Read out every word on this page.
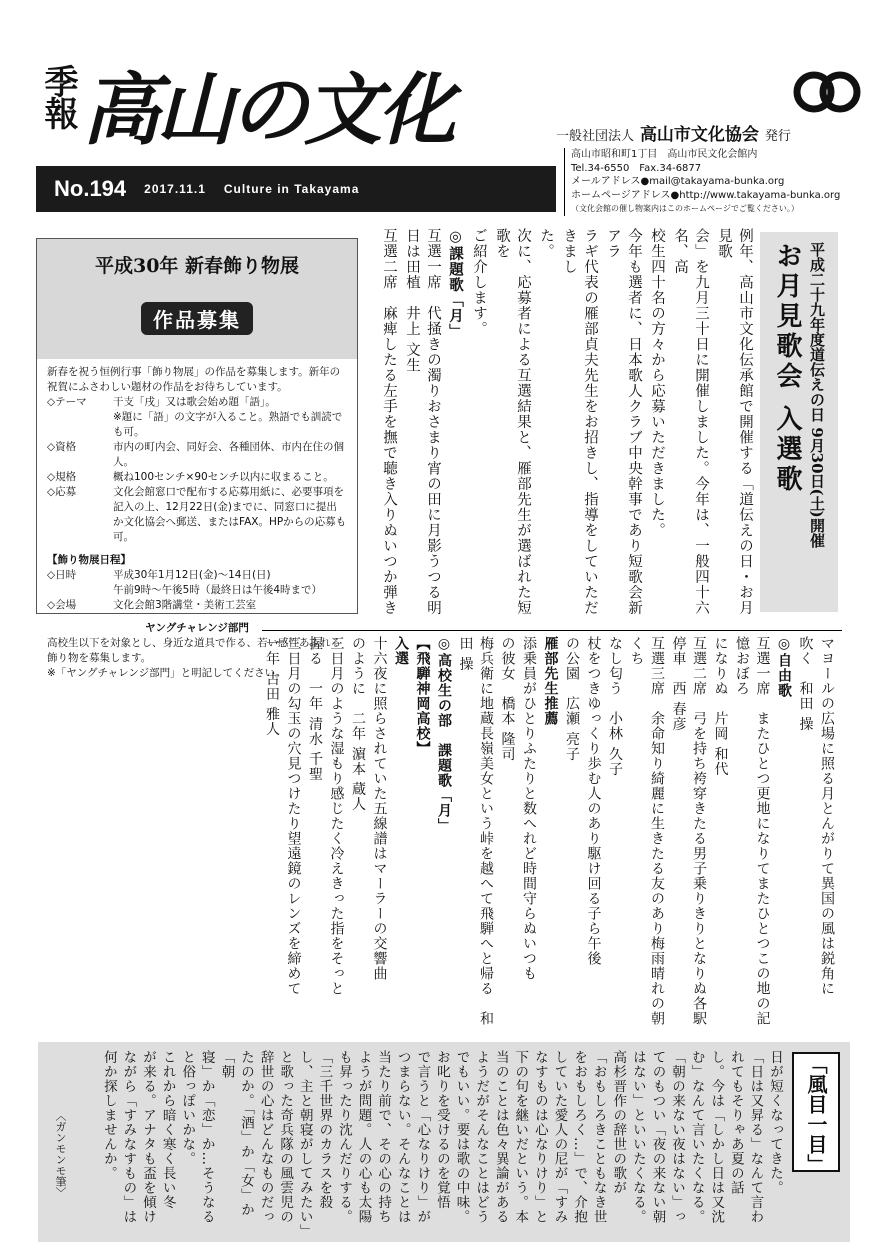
季報 高山の文化	一般社団法人 高山市文化協会 発行
No.194 2017.11.1 Culture in Takayama
高山市昭和町1丁目　高山市民文化会館内
Tel.34-6550　Fax.34-6877
メールアドレス●mail@takayama-bunka.org
ホームページアドレス●http://www.takayama-bunka.org
（文化会館の催し物案内はこのホームページでご覧ください。）
平成30年 新春飾り物展
作品募集
新春を祝う恒例行事「飾り物展」の作品を募集します。新年の祝賀にふさわしい題材の作品をお待ちしています。
◇テーマ	干支「戌」又は歌会始め題「語」。
※題に「語」の文字が入ること。熟語でも訓読でも可。
◇資格	市内の町内会、同好会、各種団体、市内在住の個人。
◇規格	概ね100センチ×90センチ以内に収まること。
◇応募	文化会館窓口で配布する応募用紙に、必要事項を記入の上、12月22日(金)までに、同窓口に提出か文化協会へ郵送、またはFAX。HPからの応募も可。
【飾り物展日程】
◇日時	平成30年1月12日(金)～14日(日)
午前9時～午後5時（最終日は午後4時まで）
◇会場	文化会館3階講堂・美術工芸室
ヤングチャレンジ部門
高校生以下を対象とし、身近な道具で作る、若い感性あふれる飾り物を募集します。
※「ヤングチャレンジ部門」と明記してください。
平成二十九年度道伝えの日 9月30日(土)開催
お月見歌会 入選歌
例年、高山市文化伝承館で開催する「道伝えの日・お月見歌
会」を九月三十日に開催しました。今年は、一般四十六名、高
校生四十名の方々から応募いただきました。
今年も選者に、日本歌人クラブ中央幹事であり短歌会新アラ
ラギ代表の雁部貞夫先生をお招きし、指導をしていただきまし
た。
次に、応募者による互選結果と、雁部先生が選ばれた短歌を
ご紹介します。
◎課題歌「月」
互選一席　代掻きの濁りおさまり宵の田に月影うつる明日は田植　井上 文生
互選二席　麻痺したる左手を撫で聴き入りぬいつか弾き
マヨールの広場に照る月とんがりて異国の風は鋭角に
吹く　和田 操
◎自由歌
互選一席　またひとつ更地になりてまたひとつこの地の記憶おぼろ
になりぬ　片岡 和代
互選二席　弓を持ち袴穿きたる男子乗りきりとなりぬ各駅停車　西 春彦
互選三席　余命知り綺麗に生きたる友のあり梅雨晴れの朝くち
なし匂う　小林 久子
杖をつきゆっくり歩む人のあり駆け回る子ら午後
の公園　広瀬 亮子
雁部先生推薦
添乗員がひとりふたりと数へれど時間守らぬいつも
の彼女　橋本 隆司
梅兵衛に地蔵長嶺美女という峠を越へて飛騨へと帰る　和田 操
◎高校生の部　課題歌「月」
【飛騨神岡高校】
入選
十六夜に照らされていた五線譜はマーラーの交響曲
のように　二年 濵本 蔵人
三日月のような湿もり感じたく冷えきった指をそっと
握る　一年 清水 千聖
三日月の勾玉の穴見つけたり望遠鏡のレンズを締めて
一年 古田 雅人
「風目一目」
日が短くなってきた。
「日は又昇る」なんて言わ
れてもそりゃあ夏の話
し。今は「しかし日は又沈
む」なんて言いたくなる。
「朝の来ない夜はない」っ
てのもつい「夜の来ない朝
はない」といいたくなる。
高杉晋作の辞世の歌が
「おもしろきこともなき世
をおもしろく…」で、介抱
していた愛人の尼が「すみ
なすものは心なりけり」と
下の句を継いだという。本
当のことは色々異論がある
ようだがそんなことはどう
でもいい。要は歌の中味。
お叱りを受けるのを覚悟
で言うと「心なりけり」が
つまらない。そんなことは
当たり前で、その心の持ち
ようが問題。人の心も太陽
も昇ったり沈んだりする。
「三千世界のカラスを殺
し、主と朝寝がしてみたい」
と歌った奇兵隊の風雲児の
辞世の心はどんなものだっ
たのか。「酒」か「女」か「朝
寝」か「恋」か…そうなる
と俗っぽいかな。
これから暗く寒く長い冬
が来る。アナタも盃を傾け
ながら「すみなすもの」は
何か探しませんか。
〈ガンモンモ筆〉
